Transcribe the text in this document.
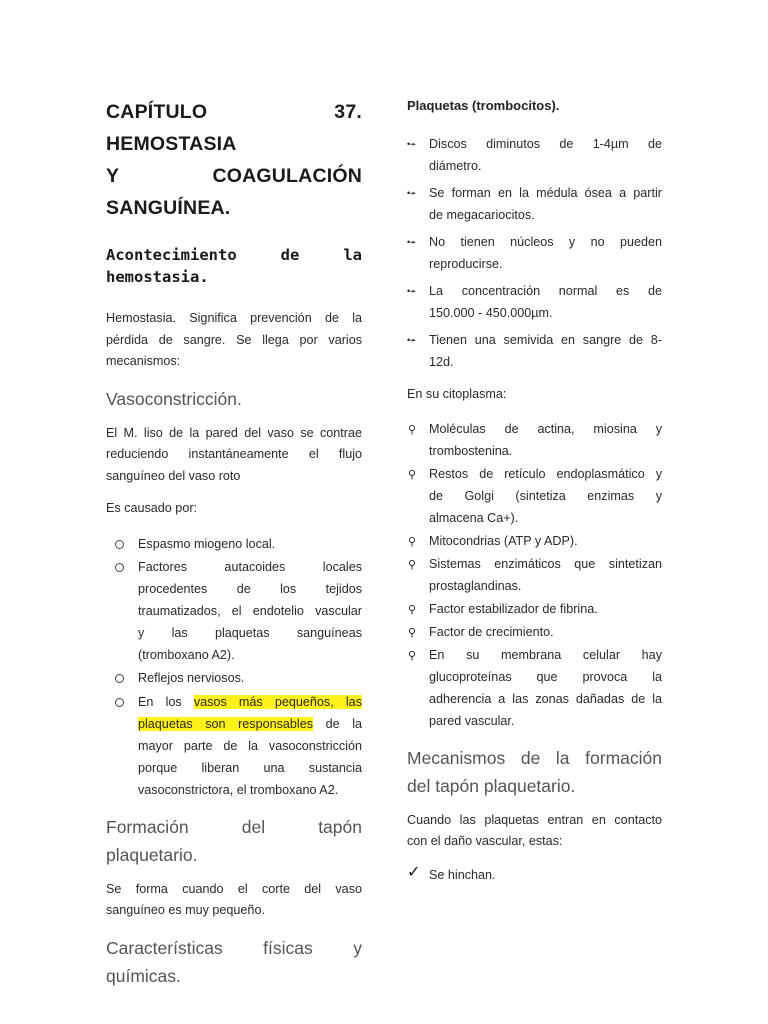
CAPÍTULO 37. HEMOSTASIA
Y COAGULACIÓN
SANGUÍNEA.
Acontecimiento de la
hemostasia.

Hemostasia. Significa prevención de la
pérdida de sangre. Se llega por varios
mecanismos:

Vasoconstricción.

El M. liso de la pared del vaso se contrae
reduciendo instantáneamente el flujo
sanguíneo del vaso roto

Es causado por:

Espasmo miogeno local.
Factores autacoides locales
procedentes de los tejidos
traumatizados, el endotelio vascular
y las plaquetas sanguíneas
(tromboxano A2).
Reflejos nerviosos.
En los vasos más pequeños, las
plaquetas son responsables de la
mayor parte de la vasoconstricción
porque liberan una sustancia
vasoconstrictora, el tromboxano A2.
Formación del tapón
plaquetario.

Se forma cuando el corte del vaso
sanguíneo es muy pequeño.

Características físicas y
químicas.

Plaquetas (trombocitos).

•➛ Discos diminutos de 1-4µm de
diámetro.
•➛ Se forman en la médula ósea a partir
de megacariocitos.
•➛ No tienen núcleos y no pueden
reproducirse.
•➛ La concentración normal es de
150.000 - 450.000µm.
•➛ Tienen una semivida en sangre de 8-
12d.

En su citoplasma:

⚲ Moléculas de actina, miosina y
trombostenina.
⚲ Restos de retículo endoplasmático y
de Golgi (sintetiza enzimas y
almacena Ca+).
⚲ Mitocondrias (ATP y ADP).
⚲ Sistemas enzimáticos que sintetizan
prostaglandinas.
⚲ Factor estabilizador de fibrina.
⚲ Factor de crecimiento.
⚲ En su membrana celular hay
glucoproteínas que provoca la
adherencia a las zonas dañadas de la
pared vascular.
Mecanismos de la formación
del tapón plaquetario.

Cuando las plaquetas entran en contacto
con el daño vascular, estas:

✓ Se hinchan.
